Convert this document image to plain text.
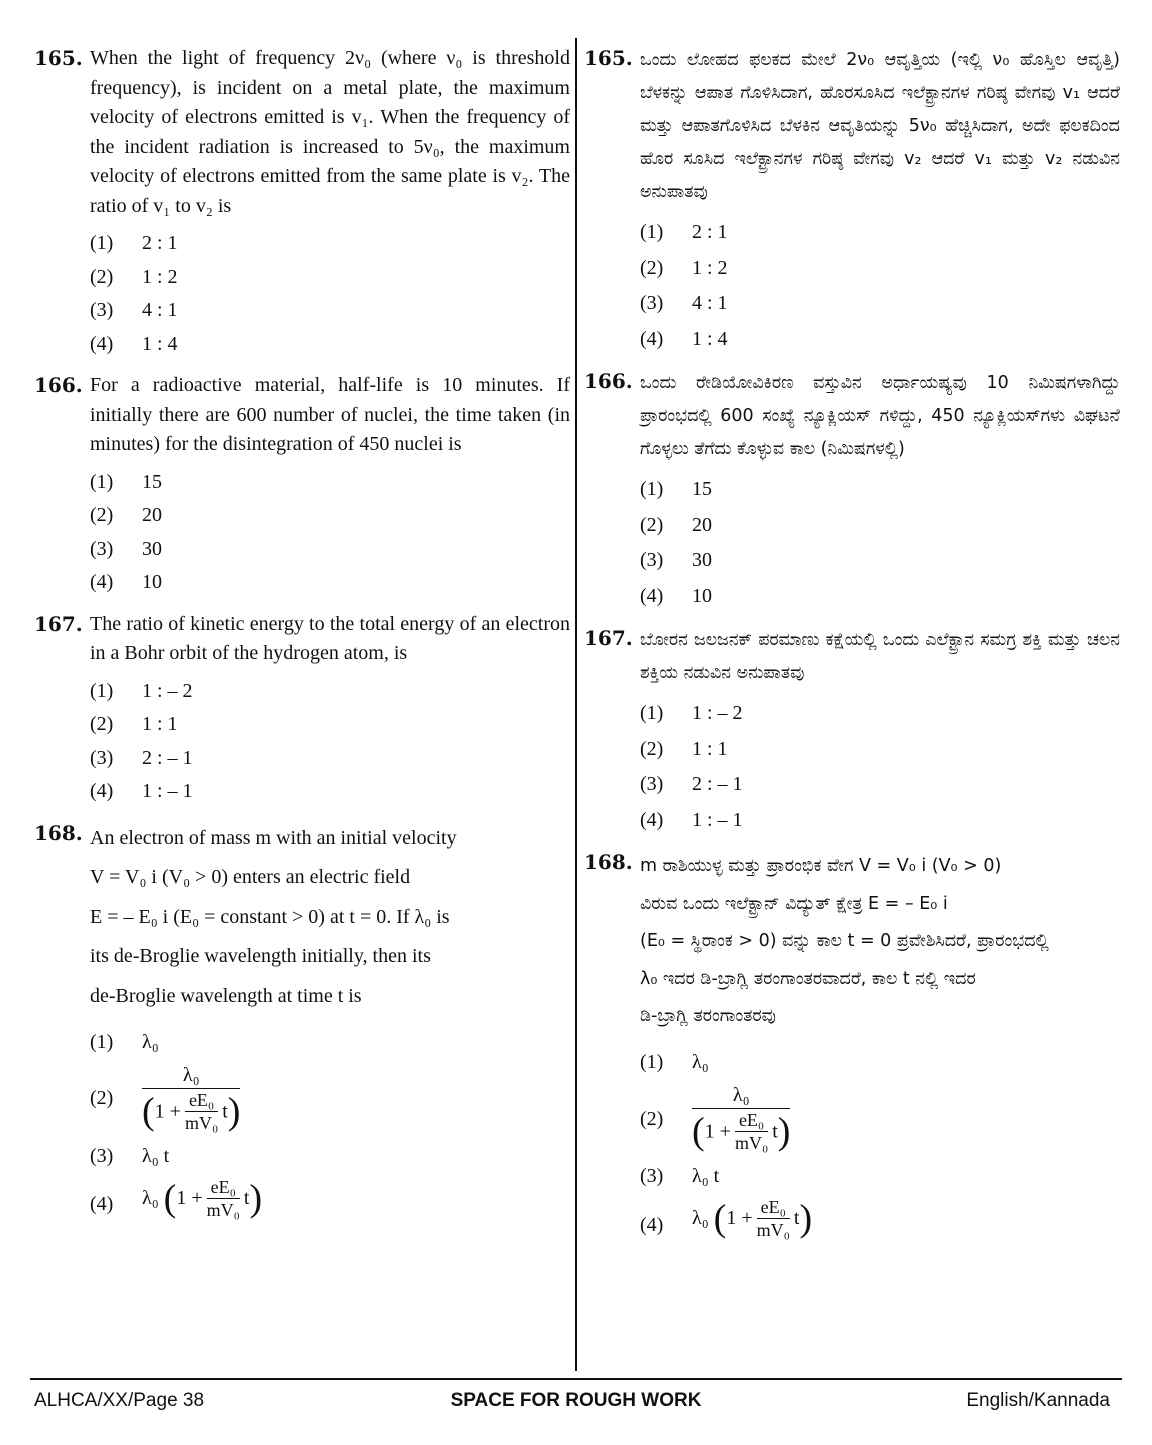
165. When the light of frequency 2ν₀ (where ν₀ is threshold frequency), is incident on a metal plate, the maximum velocity of electrons emitted is v₁. When the frequency of the incident radiation is increased to 5ν₀, the maximum velocity of electrons emitted from the same plate is v₂. The ratio of v₁ to v₂ is
(1) 2 : 1
(2) 1 : 2
(3) 4 : 1
(4) 1 : 4
166. For a radioactive material, half-life is 10 minutes. If initially there are 600 number of nuclei, the time taken (in minutes) for the disintegration of 450 nuclei is
(1) 15
(2) 20
(3) 30
(4) 10
167. The ratio of kinetic energy to the total energy of an electron in a Bohr orbit of the hydrogen atom, is
(1) 1 : – 2
(2) 1 : 1
(3) 2 : – 1
(4) 1 : – 1
168. An electron of mass m with an initial velocity
V = V₀ i (V₀ > 0) enters an electric field
E = – E₀ i (E₀ = constant > 0) at t = 0. If λ₀ is
its de-Broglie wavelength initially, then its
de-Broglie wavelength at time t is
(1) λ₀
$(2) \frac{\text{λ₀}}{(1 + \frac{\text{eE₀}}{\text{mV₀}} t)}$
(3) λ₀ t
(4) λ₀ $(1 + \frac{\text{eE₀}}{\text{mV₀}} t)$
165. ಒಂದು ಲೋಹದ ಫಲಕದ ಮೇಲೆ 2ν₀ ಆವೃತ್ತಿಯ (ಇಲ್ಲಿ ν₀ ಹೊಸ್ತಿಲ ಆವೃತ್ತಿ) ಬೆಳಕನ್ನು ಆಪಾತ ಗೊಳಿಸಿದಾಗ, ಹೊರಸೂಸಿದ ಇಲೆಕ್ಟ್ರಾನಗಳ ಗರಿಷ್ಠ ವೇಗವು v₁ ಆದರೆ ಮತ್ತು ಆಪಾತಗೊಳಿಸಿದ ಬೆಳಕಿನ ಆವೃತಿಯನ್ನು 5ν₀ ಹೆಚ್ಚಿಸಿದಾಗ, ಅದೇ ಫಲಕದಿಂದ ಹೊರ ಸೂಸಿದ ಇಲೆಕ್ಟ್ರಾನಗಳ ಗರಿಷ್ಠ ವೇಗವು v₂ ಆದರೆ v₁ ಮತ್ತು v₂ ನಡುವಿನ ಅನುಪಾತವು
(1) 2 : 1
(2) 1 : 2
(3) 4 : 1
(4) 1 : 4
166. ಒಂದು ರೇಡಿಯೋವಿಕಿರಣ ವಸ್ತುವಿನ ಅರ್ಧಾಯಷ್ಯವು 10 ನಿಮಿಷಗಳಾಗಿದ್ದು ಪ್ರಾರಂಭದಲ್ಲಿ 600 ಸಂಖ್ಯೆ ನ್ಯೂಕ್ಲಿಯಸ್ ಗಳಿದ್ದು, 450 ನ್ಯೂಕ್ಲಿಯಸ್‌ಗಳು ವಿಘಟನೆ ಗೊಳ್ಳಲು ತೆಗೆದು ಕೊಳ್ಳುವ ಕಾಲ (ನಿಮಿಷಗಳಲ್ಲಿ)
(1) 15
(2) 20
(3) 30
(4) 10
167. ಬೋರನ ಜಲಜನಕ್ ಪರಮಾಣು ಕಕ್ಷೆಯಲ್ಲಿ ಒಂದು ಎಲೆಕ್ಟ್ರಾನ ಸಮಗ್ರ ಶಕ್ತಿ ಮತ್ತು ಚಲನ ಶಕ್ತಿಯ ನಡುವಿನ ಅನುಪಾತವು
(1) 1 : – 2
(2) 1 : 1
(3) 2 : – 1
(4) 1 : – 1
168. m ರಾಶಿಯುಳ್ಳ ಮತ್ತು ಪ್ರಾರಂಭಿಕ ವೇಗ V = V₀ i (V₀ > 0)
ವಿರುವ ಒಂದು ಇಲೆಕ್ಟ್ರಾನ್ ವಿದ್ಯುತ್ ಕ್ಷೇತ್ರ E = – E₀ i
(E₀ = ಸ್ಥಿರಾಂಕ > 0) ವನ್ನು ಕಾಲ t = 0 ಪ್ರವೇಶಿಸಿದರೆ, ಪ್ರಾರಂಭದಲ್ಲಿ
λ₀ ಇದರ ಡಿ-ಬ್ರಾಗ್ಲಿ ತರಂಗಾಂತರವಾದರೆ, ಕಾಲ t ನಲ್ಲಿ ಇದರ
ಡಿ-ಬ್ರಾಗ್ಲಿ ತರಂಗಾಂತರವು
(1) λ₀
$(2) \frac{\text{λ₀}}{(1 + \frac{\text{eE₀}}{\text{mV₀}} t)}$
(3) λ₀ t
(4) λ₀ $(1 + \frac{\text{eE₀}}{\text{mV₀}} t)$
ALHCA/XX/Page 38	SPACE FOR ROUGH WORK	English/Kannada
